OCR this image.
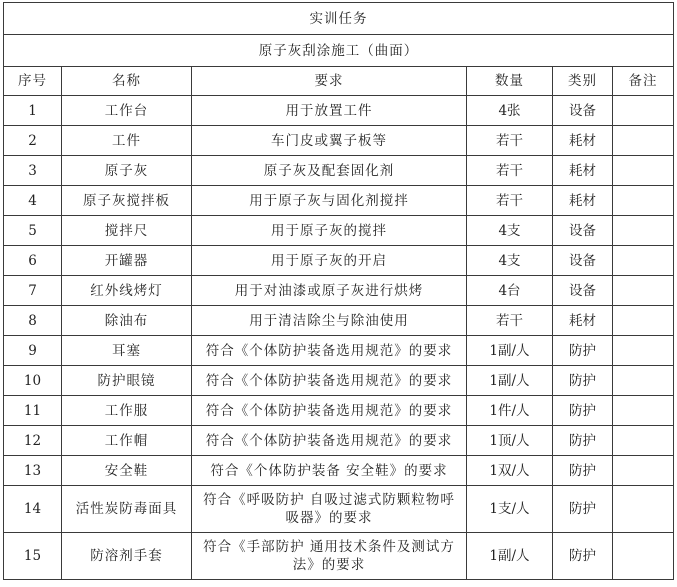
实训任务					
原子灰刮涂施工（曲面）					
序号	名称	要求	数量	类别	备注
1	工作台	用于放置工件	4张	设备	
2	工件	车门皮或翼子板等	若干	耗材	
3	原子灰	原子灰及配套固化剂	若干	耗材	
4	原子灰搅拌板	用于原子灰与固化剂搅拌	若干	耗材	
5	搅拌尺	用于原子灰的搅拌	4支	设备	
6	开罐器	用于原子灰的开启	4支	设备	
7	红外线烤灯	用于对油漆或原子灰进行烘烤	4台	设备	
8	除油布	用于清洁除尘与除油使用	若干	耗材	
9	耳塞	符合《个体防护装备选用规范》的要求	1副/人	防护	
10	防护眼镜	符合《个体防护装备选用规范》的要求	1副/人	防护	
11	工作服	符合《个体防护装备选用规范》的要求	1件/人	防护	
12	工作帽	符合《个体防护装备选用规范》的要求	1顶/人	防护	
13	安全鞋	符合《个体防护装备 安全鞋》的要求	1双/人	防护	
14	活性炭防毒面具	符合《呼吸防护 自吸过滤式防颗粒物呼吸器》的要求	1支/人	防护	
15	防溶剂手套	符合《手部防护 通用技术条件及测试方法》的要求	1副/人	防护	
